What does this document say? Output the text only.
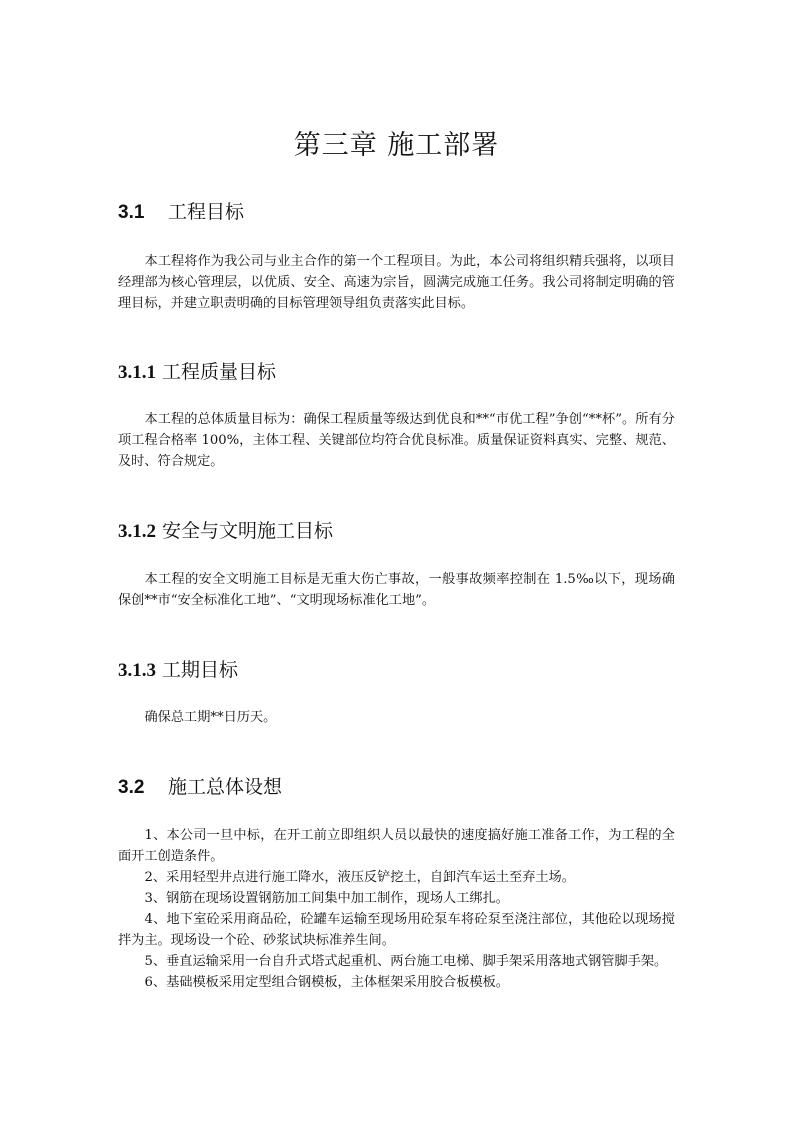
第三章 施工部署
3.1 工程目标

本工程将作为我公司与业主合作的第一个工程项目。为此，本公司将组织精兵强将，以项目经理部为核心管理层，以优质、安全、高速为宗旨，圆满完成施工任务。我公司将制定明确的管理目标，并建立职责明确的目标管理领导组负责落实此目标。

3.1.1 工程质量目标

本工程的总体质量目标为：确保工程质量等级达到优良和**“市优工程”争创“**杯”。所有分项工程合格率 100%，主体工程、关键部位均符合优良标准。质量保证资料真实、完整、规范、及时、符合规定。

3.1.2 安全与文明施工目标

本工程的安全文明施工目标是无重大伤亡事故，一般事故频率控制在 1.5‰以下，现场确保创**市“安全标准化工地”、“文明现场标准化工地”。

3.1.3 工期目标

确保总工期**日历天。

3.2 施工总体设想
1、本公司一旦中标，在开工前立即组织人员以最快的速度搞好施工准备工作，为工程的全面开工创造条件。
2、采用轻型井点进行施工降水，液压反铲挖土，自卸汽车运土至弃土场。
3、钢筋在现场设置钢筋加工间集中加工制作，现场人工绑扎。
4、地下室砼采用商品砼，砼罐车运输至现场用砼泵车将砼泵至浇注部位，其他砼以现场搅拌为主。现场设一个砼、砂浆试块标准养生间。
5、垂直运输采用一台自升式塔式起重机、两台施工电梯、脚手架采用落地式钢管脚手架。
6、基础模板采用定型组合钢模板，主体框架采用胶合板模板。
